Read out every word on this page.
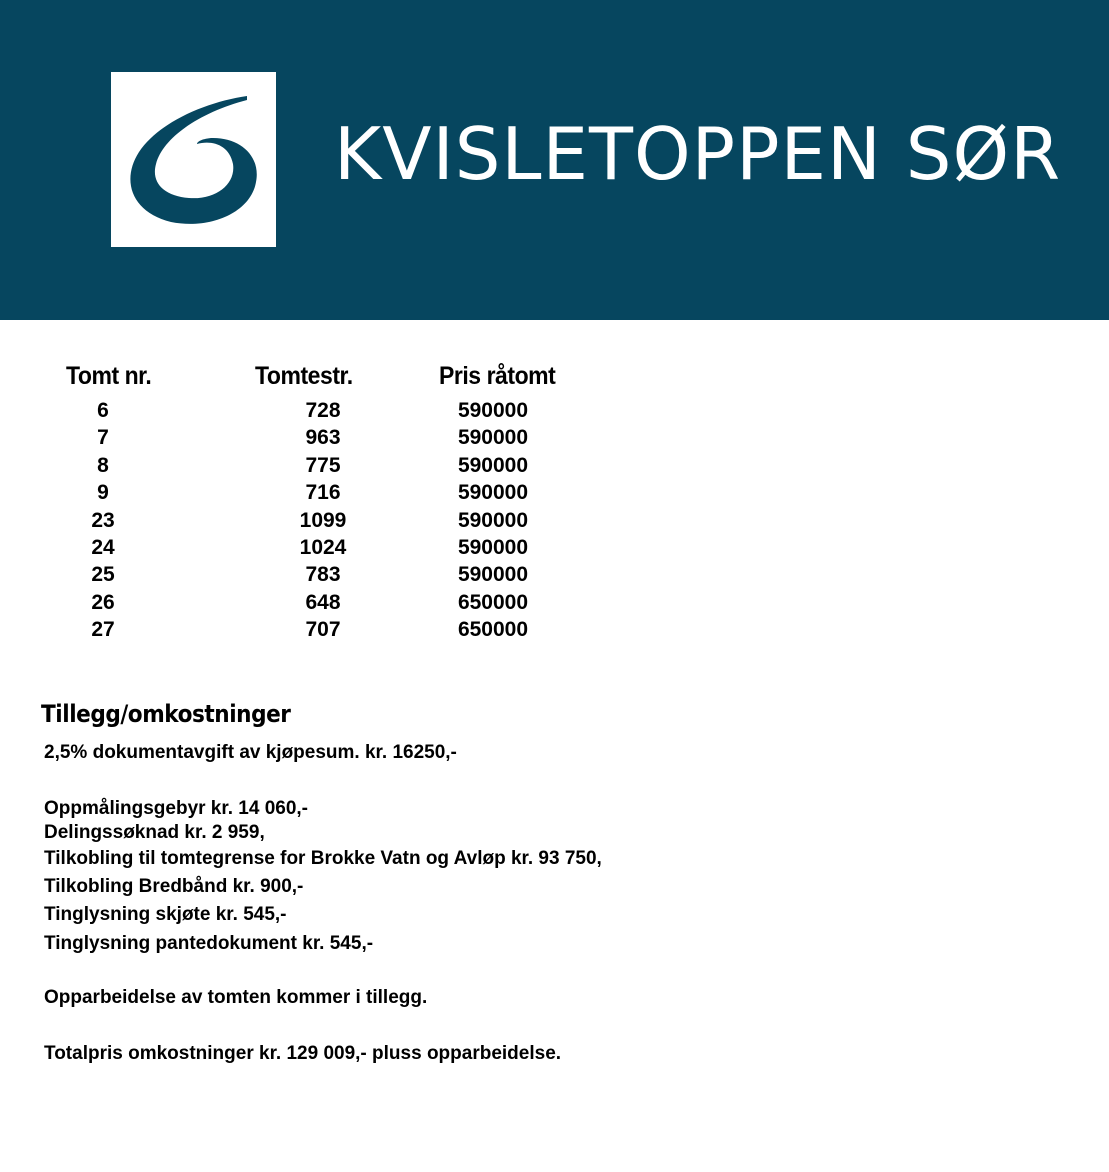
KVISLETOPPEN SØR
Tomt nr.	Tomtestr.	Pris råtomt
6	728	590000
7	963	590000
8	775	590000
9	716	590000
23	1099	590000
24	1024	590000
25	783	590000
26	648	650000
27	707	650000
Tillegg/omkostninger
2,5% dokumentavgift av kjøpesum. kr. 16250,-
Oppmålingsgebyr kr. 14 060,-
Delingssøknad kr. 2 959,
Tilkobling til tomtegrense for Brokke Vatn og Avløp kr. 93 750,
Tilkobling Bredbånd kr. 900,-
Tinglysning skjøte kr. 545,-
Tinglysning pantedokument kr. 545,-
Opparbeidelse av tomten kommer i tillegg.
Totalpris omkostninger kr. 129 009,- pluss opparbeidelse.
